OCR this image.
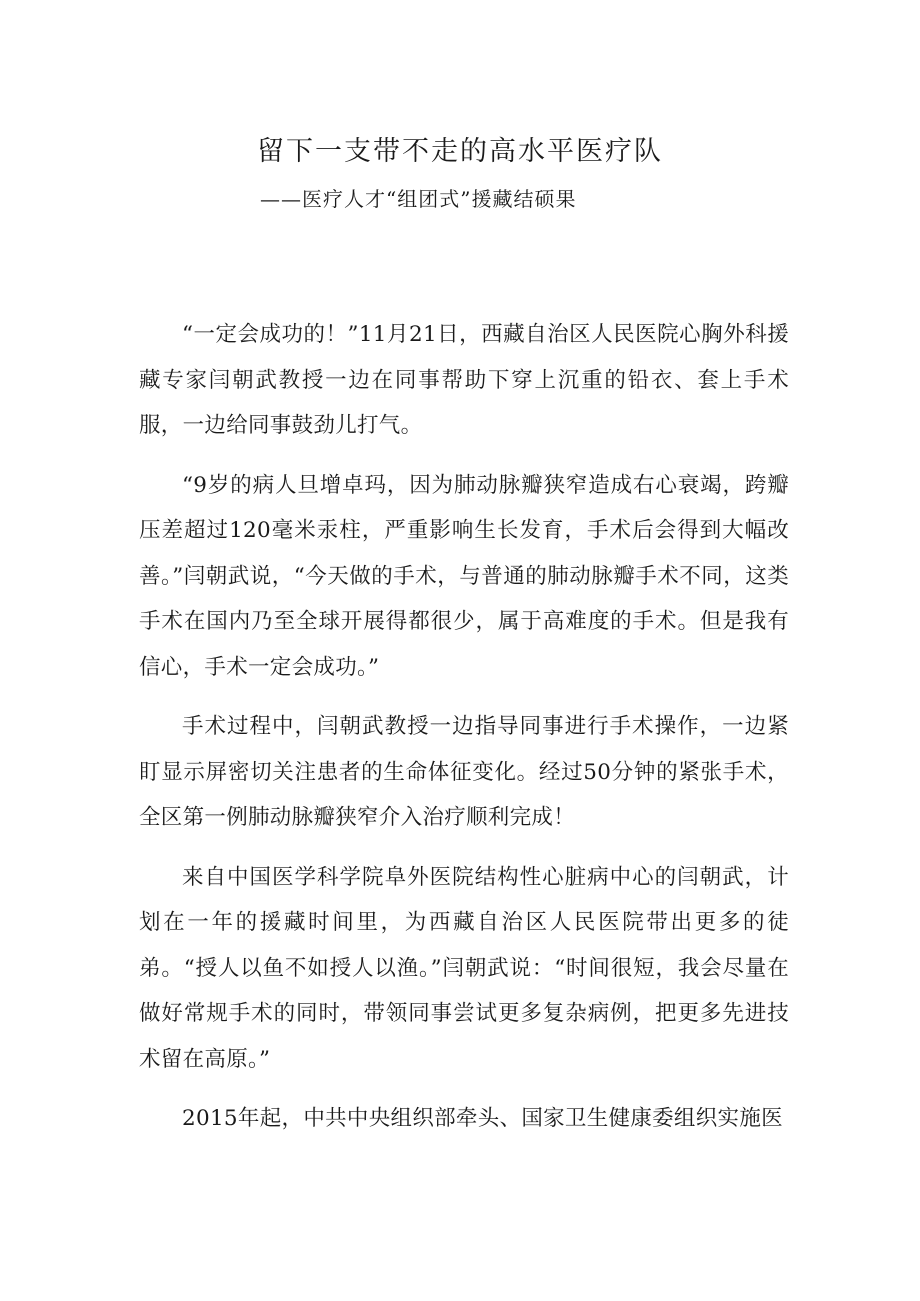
留下一支带不走的高水平医疗队
——医疗人才“组团式”援藏结硕果

“一定会成功的！”11月21日，西藏自治区人民医院心胸外科援藏专家闫朝武教授一边在同事帮助下穿上沉重的铅衣、套上手术服，一边给同事鼓劲儿打气。

“9岁的病人旦增卓玛，因为肺动脉瓣狭窄造成右心衰竭，跨瓣压差超过120毫米汞柱，严重影响生长发育，手术后会得到大幅改善。”闫朝武说，“今天做的手术，与普通的肺动脉瓣手术不同，这类手术在国内乃至全球开展得都很少，属于高难度的手术。但是我有信心，手术一定会成功。”

手术过程中，闫朝武教授一边指导同事进行手术操作，一边紧盯显示屏密切关注患者的生命体征变化。经过50分钟的紧张手术，全区第一例肺动脉瓣狭窄介入治疗顺利完成！

来自中国医学科学院阜外医院结构性心脏病中心的闫朝武，计划在一年的援藏时间里，为西藏自治区人民医院带出更多的徒弟。“授人以鱼不如授人以渔。”闫朝武说：“时间很短，我会尽量在做好常规手术的同时，带领同事尝试更多复杂病例，把更多先进技术留在高原。”

2015年起，中共中央组织部牵头、国家卫生健康委组织实施医
